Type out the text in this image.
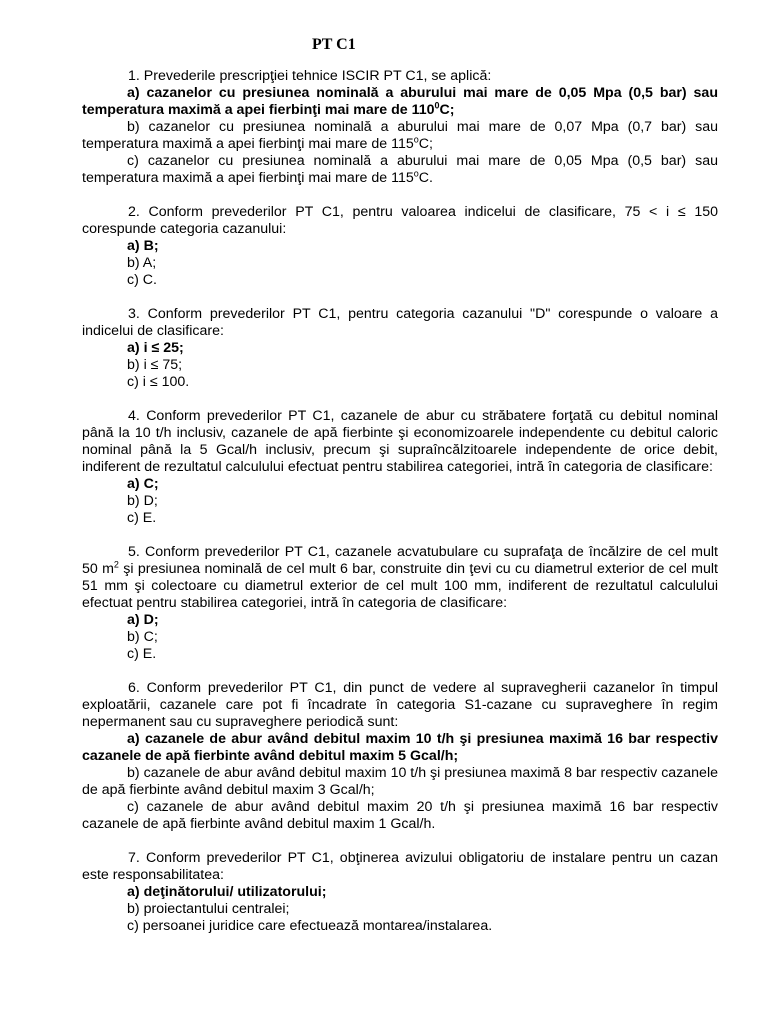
PT C1

1. Prevederile prescripţiei tehnice ISCIR PT C1, se aplică:

a) cazanelor cu presiunea nominală a aburului mai mare de 0,05 Mpa (0,5 bar) sau temperatura maximă a apei fierbinţi mai mare de $110^0C$;
b) cazanelor cu presiunea nominală a aburului mai mare de 0,07 Mpa (0,7 bar) sau temperatura maximă a apei fierbinţi mai mare de 115$^o$C;
c) cazanelor cu presiunea nominală a aburului mai mare de 0,05 Mpa (0,5 bar) sau temperatura maximă a apei fierbinţi mai mare de 115$^o$C.

2. Conform prevederilor PT C1, pentru valoarea indicelui de clasificare, 75 < i ≤ 150 corespunde categoria cazanului:

a) B;
b) A;
c) C.

3. Conform prevederilor PT C1, pentru categoria cazanului "D" corespunde o valoare a indicelui de clasificare:

a) i ≤ 25;
b) i ≤ 75;
c) i ≤ 100.

4. Conform prevederilor PT C1, cazanele de abur cu străbatere forţată cu debitul nominal până la 10 t/h inclusiv, cazanele de apă fierbinte şi economizoarele independente cu debitul caloric nominal până la 5 Gcal/h inclusiv, precum şi supraîncălzitoarele independente de orice debit, indiferent de rezultatul calculului efectuat pentru stabilirea categoriei, intră în categoria de clasificare:

a) C;
b) D;
c) E.

5. Conform prevederilor PT C1, cazanele acvatubulare cu suprafaţa de încălzire de cel mult 50 $m^2$ şi presiunea nominală de cel mult 6 bar, construite din ţevi cu cu diametrul exterior de cel mult 51 mm şi colectoare cu diametrul exterior de cel mult 100 mm, indiferent de rezultatul calculului efectuat pentru stabilirea categoriei, intră în categoria de clasificare:

a) D;
b) C;
c) E.

6. Conform prevederilor PT C1, din punct de vedere al supravegherii cazanelor în timpul exploatării, cazanele care pot fi încadrate în categoria S1-cazane cu supraveghere în regim nepermanent sau cu supraveghere periodică sunt:

a) cazanele de abur având debitul maxim 10 t/h şi presiunea maximă 16 bar respectiv cazanele de apă fierbinte având debitul maxim 5 Gcal/h;
b) cazanele de abur având debitul maxim 10 t/h şi presiunea maximă 8 bar respectiv cazanele de apă fierbinte având debitul maxim 3 Gcal/h;
c) cazanele de abur având debitul maxim 20 t/h şi presiunea maximă 16 bar respectiv cazanele de apă fierbinte având debitul maxim 1 Gcal/h.

7. Conform prevederilor PT C1, obţinerea avizului obligatoriu de instalare pentru un cazan este responsabilitatea:

a) deţinătorului/ utilizatorului;
b) proiectantului centralei;
c) persoanei juridice care efectuează montarea/instalarea.
